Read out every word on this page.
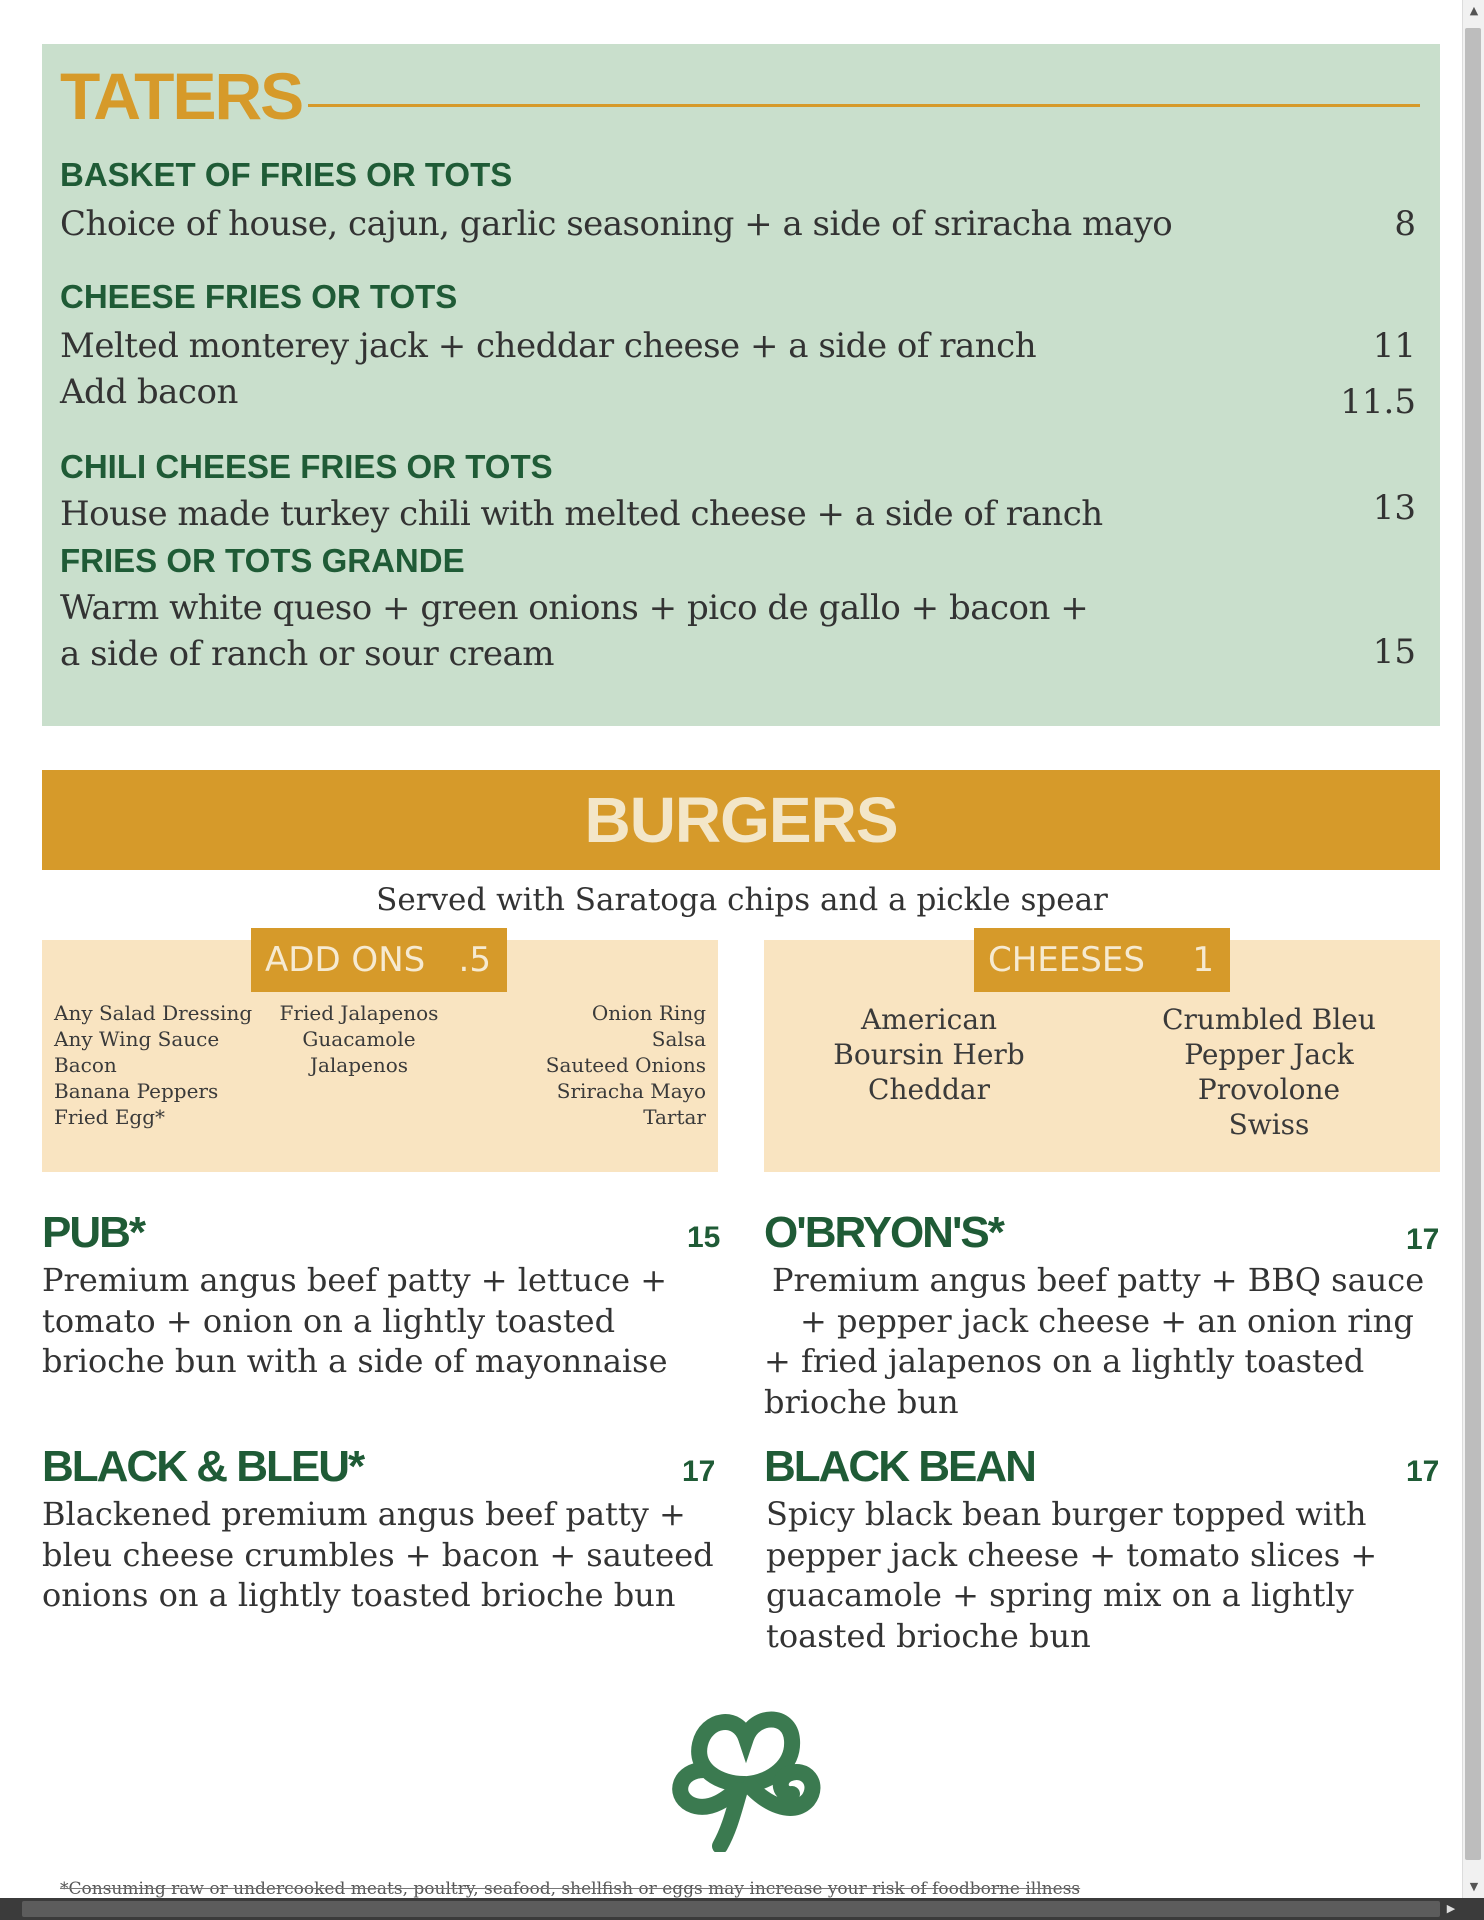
TATERS
BASKET OF FRIES OR TOTS
Choice of house, cajun, garlic seasoning + a side of sriracha mayo	8
CHEESE FRIES OR TOTS
Melted monterey jack + cheddar cheese + a side of ranch	11
Add bacon	11.5
CHILI CHEESE FRIES OR TOTS
House made turkey chili with melted cheese + a side of ranch	13
FRIES OR TOTS GRANDE
Warm white queso + green onions + pico de gallo + bacon +
a side of ranch or sour cream	15
BURGERS
Served with Saratoga chips and a pickle spear
Any Salad Dressing
Any Wing Sauce
Bacon
Banana Peppers
Fried Egg*
Fried Jalapenos
Guacamole
Jalapenos
Onion Ring
Salsa
Sauteed Onions
Sriracha Mayo
Tartar
ADD ONS .5
American
Boursin Herb
Cheddar
Crumbled Bleu
Pepper Jack
Provolone
Swiss
CHEESES 1
PUB*	15
Premium angus beef patty + lettuce +
tomato + onion on a lightly toasted
brioche bun with a side of mayonnaise
O'BRYON'S*	17
Premium angus beef patty + BBQ sauce
+ pepper jack cheese + an onion ring
+ fried jalapenos on a lightly toasted
brioche bun
BLACK & BLEU*	17
Blackened premium angus beef patty +
bleu cheese crumbles + bacon + sauteed
onions on a lightly toasted brioche bun
BLACK BEAN	17
Spicy black bean burger topped with
pepper jack cheese + tomato slices +
guacamole + spring mix on a lightly
toasted brioche bun
*Consuming raw or undercooked meats, poultry, seafood, shellfish or eggs may increase your risk of foodborne illness
▲
▼
▶
